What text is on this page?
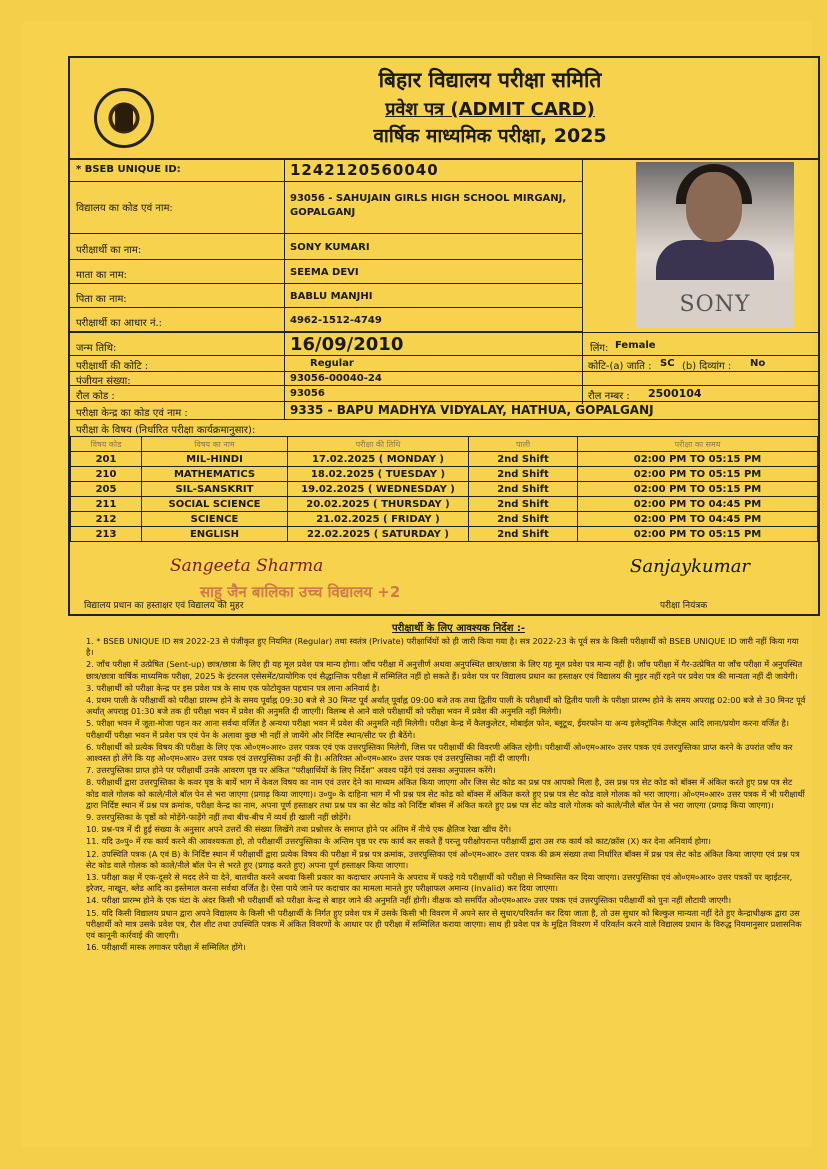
बिहार विद्यालय परीक्षा समिति
प्रवेश पत्र (ADMIT CARD)
वार्षिक माध्यमिक परीक्षा, 2025
* BSEB UNIQUE ID:	1242120560040
विद्यालय का कोड एवं नाम:
93056 - SAHUJAIN GIRLS HIGH SCHOOL MIRGANJ, GOPALGANJ
परीक्षार्थी का नाम:	SONY KUMARI
माता का नाम:	SEEMA DEVI
पिता का नाम:	BABLU MANJHI
परीक्षार्थी का आधार नं.:	4962-1512-4749
SONY
जन्म तिथि:	16/09/2010	लिंग: Female
परीक्षार्थी की कोटि :	Regular	कोटि-(a) जाति : SC (b) दिव्यांग : No
पंजीयन संख्या:	93056-00040-24
रौल कोड :	93056	रौल नम्बर : 2500104
परीक्षा केन्द्र का कोड एवं नाम :	9335 - BAPU MADHYA VIDYALAY, HATHUA, GOPALGANJ
परीक्षा के विषय (निर्धारित परीक्षा कार्यक्रमानुसार):
विषय कोड	विषय का नाम	परीक्षा की तिथि	पाली	परीक्षा का समय
201	MIL-HINDI	17.02.2025 ( MONDAY )	2nd Shift	02:00 PM TO 05:15 PM
210	MATHEMATICS	18.02.2025 ( TUESDAY )	2nd Shift	02:00 PM TO 05:15 PM
205	SIL-SANSKRIT	19.02.2025 ( WEDNESDAY )	2nd Shift	02:00 PM TO 05:15 PM
211	SOCIAL SCIENCE	20.02.2025 ( THURSDAY )	2nd Shift	02:00 PM TO 04:45 PM
212	SCIENCE	21.02.2025 ( FRIDAY )	2nd Shift	02:00 PM TO 04:45 PM
213	ENGLISH	22.02.2025 ( SATURDAY )	2nd Shift	02:00 PM TO 05:15 PM
Sangeeta Sharma
साहु जैन बालिका उच्च विद्यालय +2
Sanjaykumar
विद्यालय प्रधान का हस्ताक्षर एवं विद्यालय की मुहर	परीक्षा नियंत्रक
परीक्षार्थी के लिए आवश्यक निर्देश :-

1. * BSEB UNIQUE ID सत्र 2022-23 से पंजीकृत हुए नियमित (Regular) तथा स्वतंत्र (Private) परीक्षार्थियों को ही जारी किया गया है। सत्र 2022-23 के पूर्व सत्र के किसी परीक्षार्थी को BSEB UNIQUE ID जारी नहीं किया गया है।

2. जाँच परीक्षा में उत्प्रेषित (Sent-up) छात्र/छात्रा के लिए ही यह मूल प्रवेश पत्र मान्य होगा। जाँच परीक्षा में अनुत्तीर्ण अथवा अनुपस्थित छात्र/छात्रा के लिए यह मूल प्रवेश पत्र मान्य नहीं है। जाँच परीक्षा में गैर-उत्प्रेषित या जाँच परीक्षा में अनुपस्थित छात्र/छात्रा वार्षिक माध्यमिक परीक्षा, 2025 के इंटरनल एसेसमेंट/प्रायोगिक एवं सैद्धान्तिक परीक्षा में सम्मिलित नहीं हो सकते हैं। प्रवेश पत्र पर विद्यालय प्रधान का हस्ताक्षर एवं विद्यालय की मुहर नहीं रहने पर प्रवेश पत्र की मान्यता नहीं दी जायेगी।

3. परीक्षार्थी को परीक्षा केन्द्र पर इस प्रवेश पत्र के साथ एक फोटोयुक्त पहचान पत्र लाना अनिवार्य है।

4. प्रथम पाली के परीक्षार्थी को परीक्षा प्रारम्भ होने के समय पूर्वाह्न 09:30 बजे से 30 मिनट पूर्व अर्थात् पूर्वाह्न 09:00 बजे तक तथा द्वितीय पाली के परीक्षार्थी को द्वितीय पाली के परीक्षा प्रारम्भ होने के समय अपराह्न 02:00 बजे से 30 मिनट पूर्व अर्थात् अपराह्न 01:30 बजे तक ही परीक्षा भवन में प्रवेश की अनुमति दी जाएगी। विलम्ब से आने वाले परीक्षार्थी को परीक्षा भवन में प्रवेश की अनुमति नहीं मिलेगी।

5. परीक्षा भवन में जूता-मोजा पहन कर आना सर्वथा वर्जित है अन्यथा परीक्षा भवन में प्रवेश की अनुमति नहीं मिलेगी। परीक्षा केन्द्र में कैलकुलेटर, मोबाईल फोन, ब्लूटूथ, ईयरफोन या अन्य इलेक्ट्रॉनिक गैजेट्स आदि लाना/प्रयोग करना वर्जित है। परीक्षार्थी परीक्षा भवन में प्रवेश पत्र एवं पेन के अलावा कुछ भी नहीं ले जायेंगे और निर्दिष्ट स्थान/सीट पर ही बैठेंगे।

6. परीक्षार्थी को प्रत्येक विषय की परीक्षा के लिए एक ओ०एम०आर० उत्तर पत्रक एवं एक उत्तरपुस्तिका मिलेगी, जिस पर परीक्षार्थी की विवरणी अंकित रहेगी। परीक्षार्थी ओ०एम०आर० उत्तर पत्रक एवं उत्तरपुस्तिका प्राप्त करने के उपरांत जाँच कर आश्वस्त हो लेंगे कि यह ओ०एम०आर० उत्तर पत्रक एवं उत्तरपुस्तिका उन्हीं की है। अतिरिक्त ओ०एम०आर० उत्तर पत्रक एवं उत्तरपुस्तिका नहीं दी जाएगी।

7. उत्तरपुस्तिका प्राप्त होने पर परीक्षार्थी उनके आवरण पृष्ठ पर अंकित "परीक्षार्थियों के लिए निर्देश" अवश्य पढ़ेंगे एवं उसका अनुपालन करेंगे।

8. परीक्षार्थी द्वारा उत्तरपुस्तिका के कवर पृष्ठ के बायें भाग में केवल विषय का नाम एवं उत्तर देने का माध्यम अंकित किया जाएगा और जिस सेट कोड का प्रश्न पत्र आपको मिला है, उस प्रश्न पत्र सेट कोड को बॉक्स में अंकित करते हुए प्रश्न पत्र सेट कोड वाले गोलक को काले/नीले बॉल पेन से भरा जाएगा (प्रगाढ़ किया जाएगा)। उ०पु० के दाहिना भाग में भी प्रश्न पत्र सेट कोड को बॉक्स में अंकित करते हुए प्रश्न पत्र सेट कोड वाले गोलक को भरा जाएगा। ओ०एम०आर० उत्तर पत्रक में भी परीक्षार्थी द्वारा निर्दिष्ट स्थान में प्रश्न पत्र क्रमांक, परीक्षा केन्द्र का नाम, अपना पूर्ण हस्ताक्षर तथा प्रश्न पत्र का सेट कोड को निर्दिष्ट बॉक्स में अंकित करते हुए प्रश्न पत्र सेट कोड वाले गोलक को काले/नीले बॉल पेन से भरा जाएगा (प्रगाढ़ किया जाएगा)।

9. उत्तरपुस्तिका के पृष्ठों को मोड़ेंगे-फाड़ेंगे नहीं तथा बीच-बीच में व्यर्थ ही खाली नहीं छोड़ेंगे।

10. प्रश्न-पत्र में दी हुई संख्या के अनुसार अपने उत्तरों की संख्या लिखेंगे तथा प्रश्नोत्तर के समाप्त होने पर अंतिम में नीचे एक क्षैतिज रेखा खींच देंगे।

11. यदि उ०पु० में रफ कार्य करने की आवश्यकता हो, तो परीक्षार्थी उत्तरपुस्तिका के अन्तिम पृष्ठ पर रफ कार्य कर सकते हैं परन्तु परीक्षोपरान्त परीक्षार्थी द्वारा उस रफ कार्य को काट/क्रॉस (X) कर देना अनिवार्य होगा।

12. उपस्थिति पत्रक (A एवं B) के निर्दिष्ट स्थान में परीक्षार्थी द्वारा प्रत्येक विषय की परीक्षा में प्रश्न पत्र क्रमांक, उत्तरपुस्तिका एवं ओ०एम०आर० उत्तर पत्रक की क्रम संख्या तथा निर्धारित बॉक्स में प्रश्न पत्र सेट कोड अंकित किया जाएगा एवं प्रश्न पत्र सेट कोड वाले गोलक को काले/नीले बॉल पेन से भरते हुए (प्रगाढ़ करते हुए) अपना पूर्ण हस्ताक्षर किया जाएगा।

13. परीक्षा कक्ष में एक-दूसरे से मदद लेने या देने, बातचीत करने अथवा किसी प्रकार का कदाचार अपनाने के अपराध में पकड़े गये परीक्षार्थी को परीक्षा से निष्कासित कर दिया जाएगा। उत्तरपुस्तिका एवं ओ०एम०आर० उत्तर पत्रकों पर व्हाईटनर, इरेजर, नाखून, ब्लेड आदि का इस्तेमाल करना सर्वथा वर्जित है। ऐसा पाये जाने पर कदाचार का मामला मानते हुए परीक्षाफल अमान्य (Invalid) कर दिया जाएगा।

14. परीक्षा प्रारम्भ होने के एक घंटा के अंदर किसी भी परीक्षार्थी को परीक्षा केन्द्र से बाहर जाने की अनुमति नहीं होगी। वीक्षक को समर्पित ओ०एम०आर० उत्तर पत्रक एवं उत्तरपुस्तिका परीक्षार्थी को पुनः नहीं लौटायी जाएगी।

15. यदि किसी विद्यालय प्रधान द्वारा अपने विद्यालय के किसी भी परीक्षार्थी के निर्गत हुए प्रवेश पत्र में उसके किसी भी विवरण में अपने स्तर से सुधार/परिवर्तन कर दिया जाता है, तो उस सुधार को बिल्कुल मान्यता नहीं देते हुए केन्द्राधीक्षक द्वारा उस परीक्षार्थी को मात्र उसके प्रवेश पत्र, रौल शीट तथा उपस्थिति पत्रक में अंकित विवरणों के आधार पर ही परीक्षा में सम्मिलित कराया जाएगा। साथ ही प्रवेश पत्र के मुद्रित विवरण में परिवर्तन करने वाले विद्यालय प्रधान के विरुद्ध नियमानुसार प्रशासनिक एवं कानूनी कार्रवाई की जाएगी।

16. परीक्षार्थी मास्क लगाकर परीक्षा में सम्मिलित होंगे।
